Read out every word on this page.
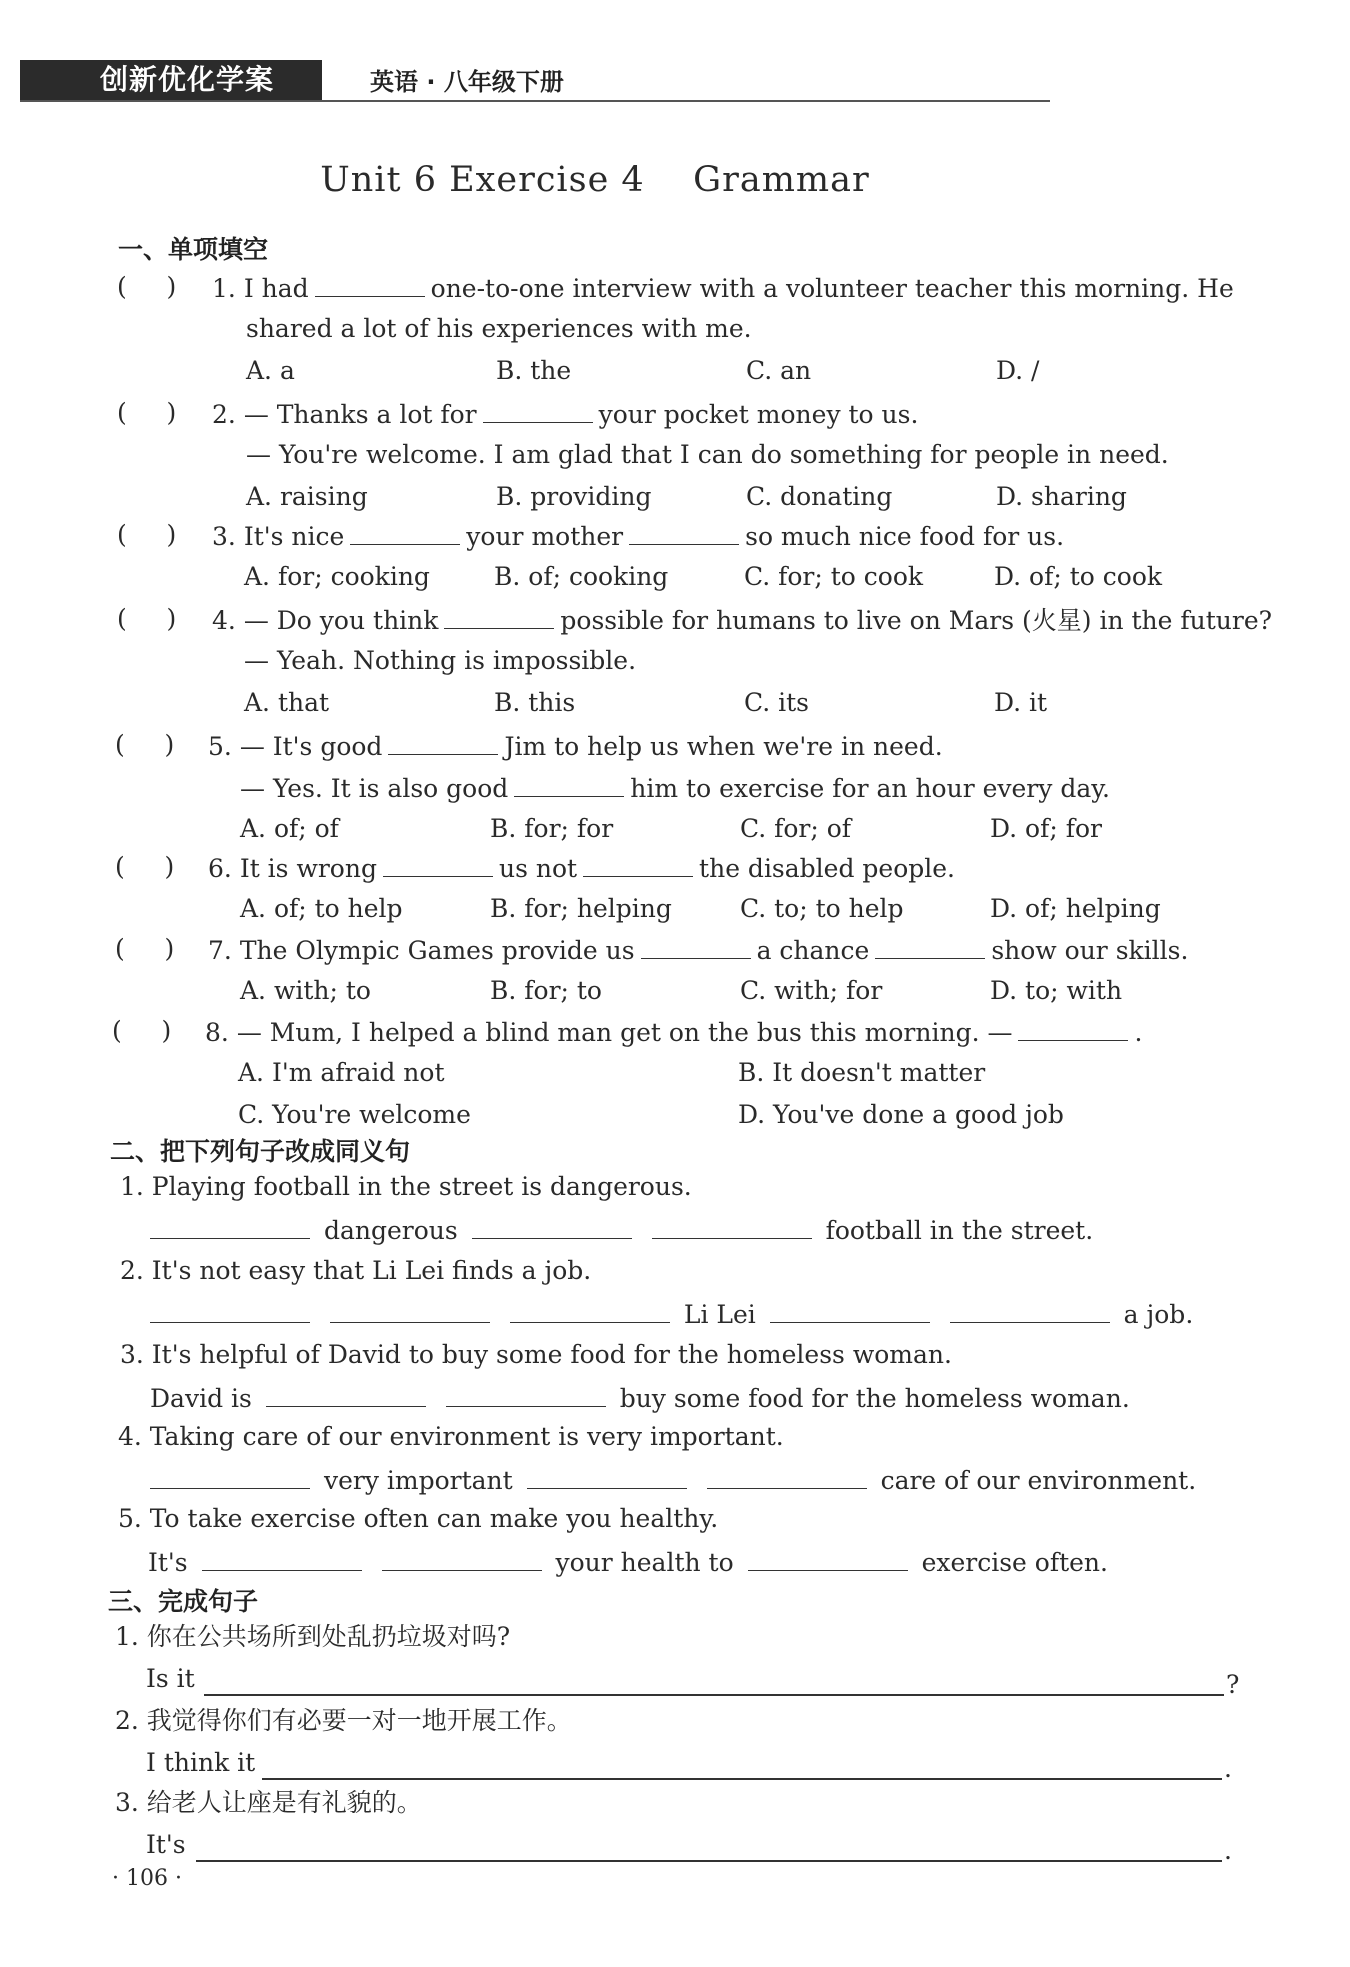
创新优化学案	英语 · 八年级下册
Unit 6 Exercise 4    Grammar
一、单项填空
(     ) 1. I had	one-to-one interview with a volunteer teacher this morning. He
shared a lot of his experiences with me.
A. a	B. the	C. an	D. /
(     ) 2. — Thanks a lot for	your pocket money to us.
— You're welcome. I am glad that I can do something for people in need.
A. raising	B. providing	C. donating	D. sharing
(     ) 3. It's nice	your mother	so much nice food for us.
A. for; cooking	B. of; cooking	C. for; to cook	D. of; to cook
(     ) 4. — Do you think	possible for humans to live on Mars (火星) in the future?
— Yeah. Nothing is impossible.
A. that	B. this	C. its	D. it
(     ) 5. — It's good	Jim to help us when we're in need.
— Yes. It is also good	him to exercise for an hour every day.
A. of; of	B. for; for	C. for; of	D. of; for
(     ) 6. It is wrong	us not	the disabled people.
A. of; to help	B. for; helping	C. to; to help	D. of; helping
(     ) 7. The Olympic Games provide us	a chance	show our skills.
A. with; to	B. for; to	C. with; for	D. to; with
(     ) 8. — Mum, I helped a blind man get on the bus this morning. —	.
A. I'm afraid not	B. It doesn't matter
C. You're welcome	D. You've done a good job
二、把下列句子改成同义句
1. Playing football in the street is dangerous.
dangerous	football in the street.
2. It's not easy that Li Lei finds a job.
Li Lei	a job.
3. It's helpful of David to buy some food for the homeless woman.
David is	buy some food for the homeless woman.
4. Taking care of our environment is very important.
very important	care of our environment.
5. To take exercise often can make you healthy.
It's	your health to	exercise often.
三、完成句子
1. 你在公共场所到处乱扔垃圾对吗?
Is it	?
2. 我觉得你们有必要一对一地开展工作。
I think it	.
3. 给老人让座是有礼貌的。
It's	.
· 106 ·
